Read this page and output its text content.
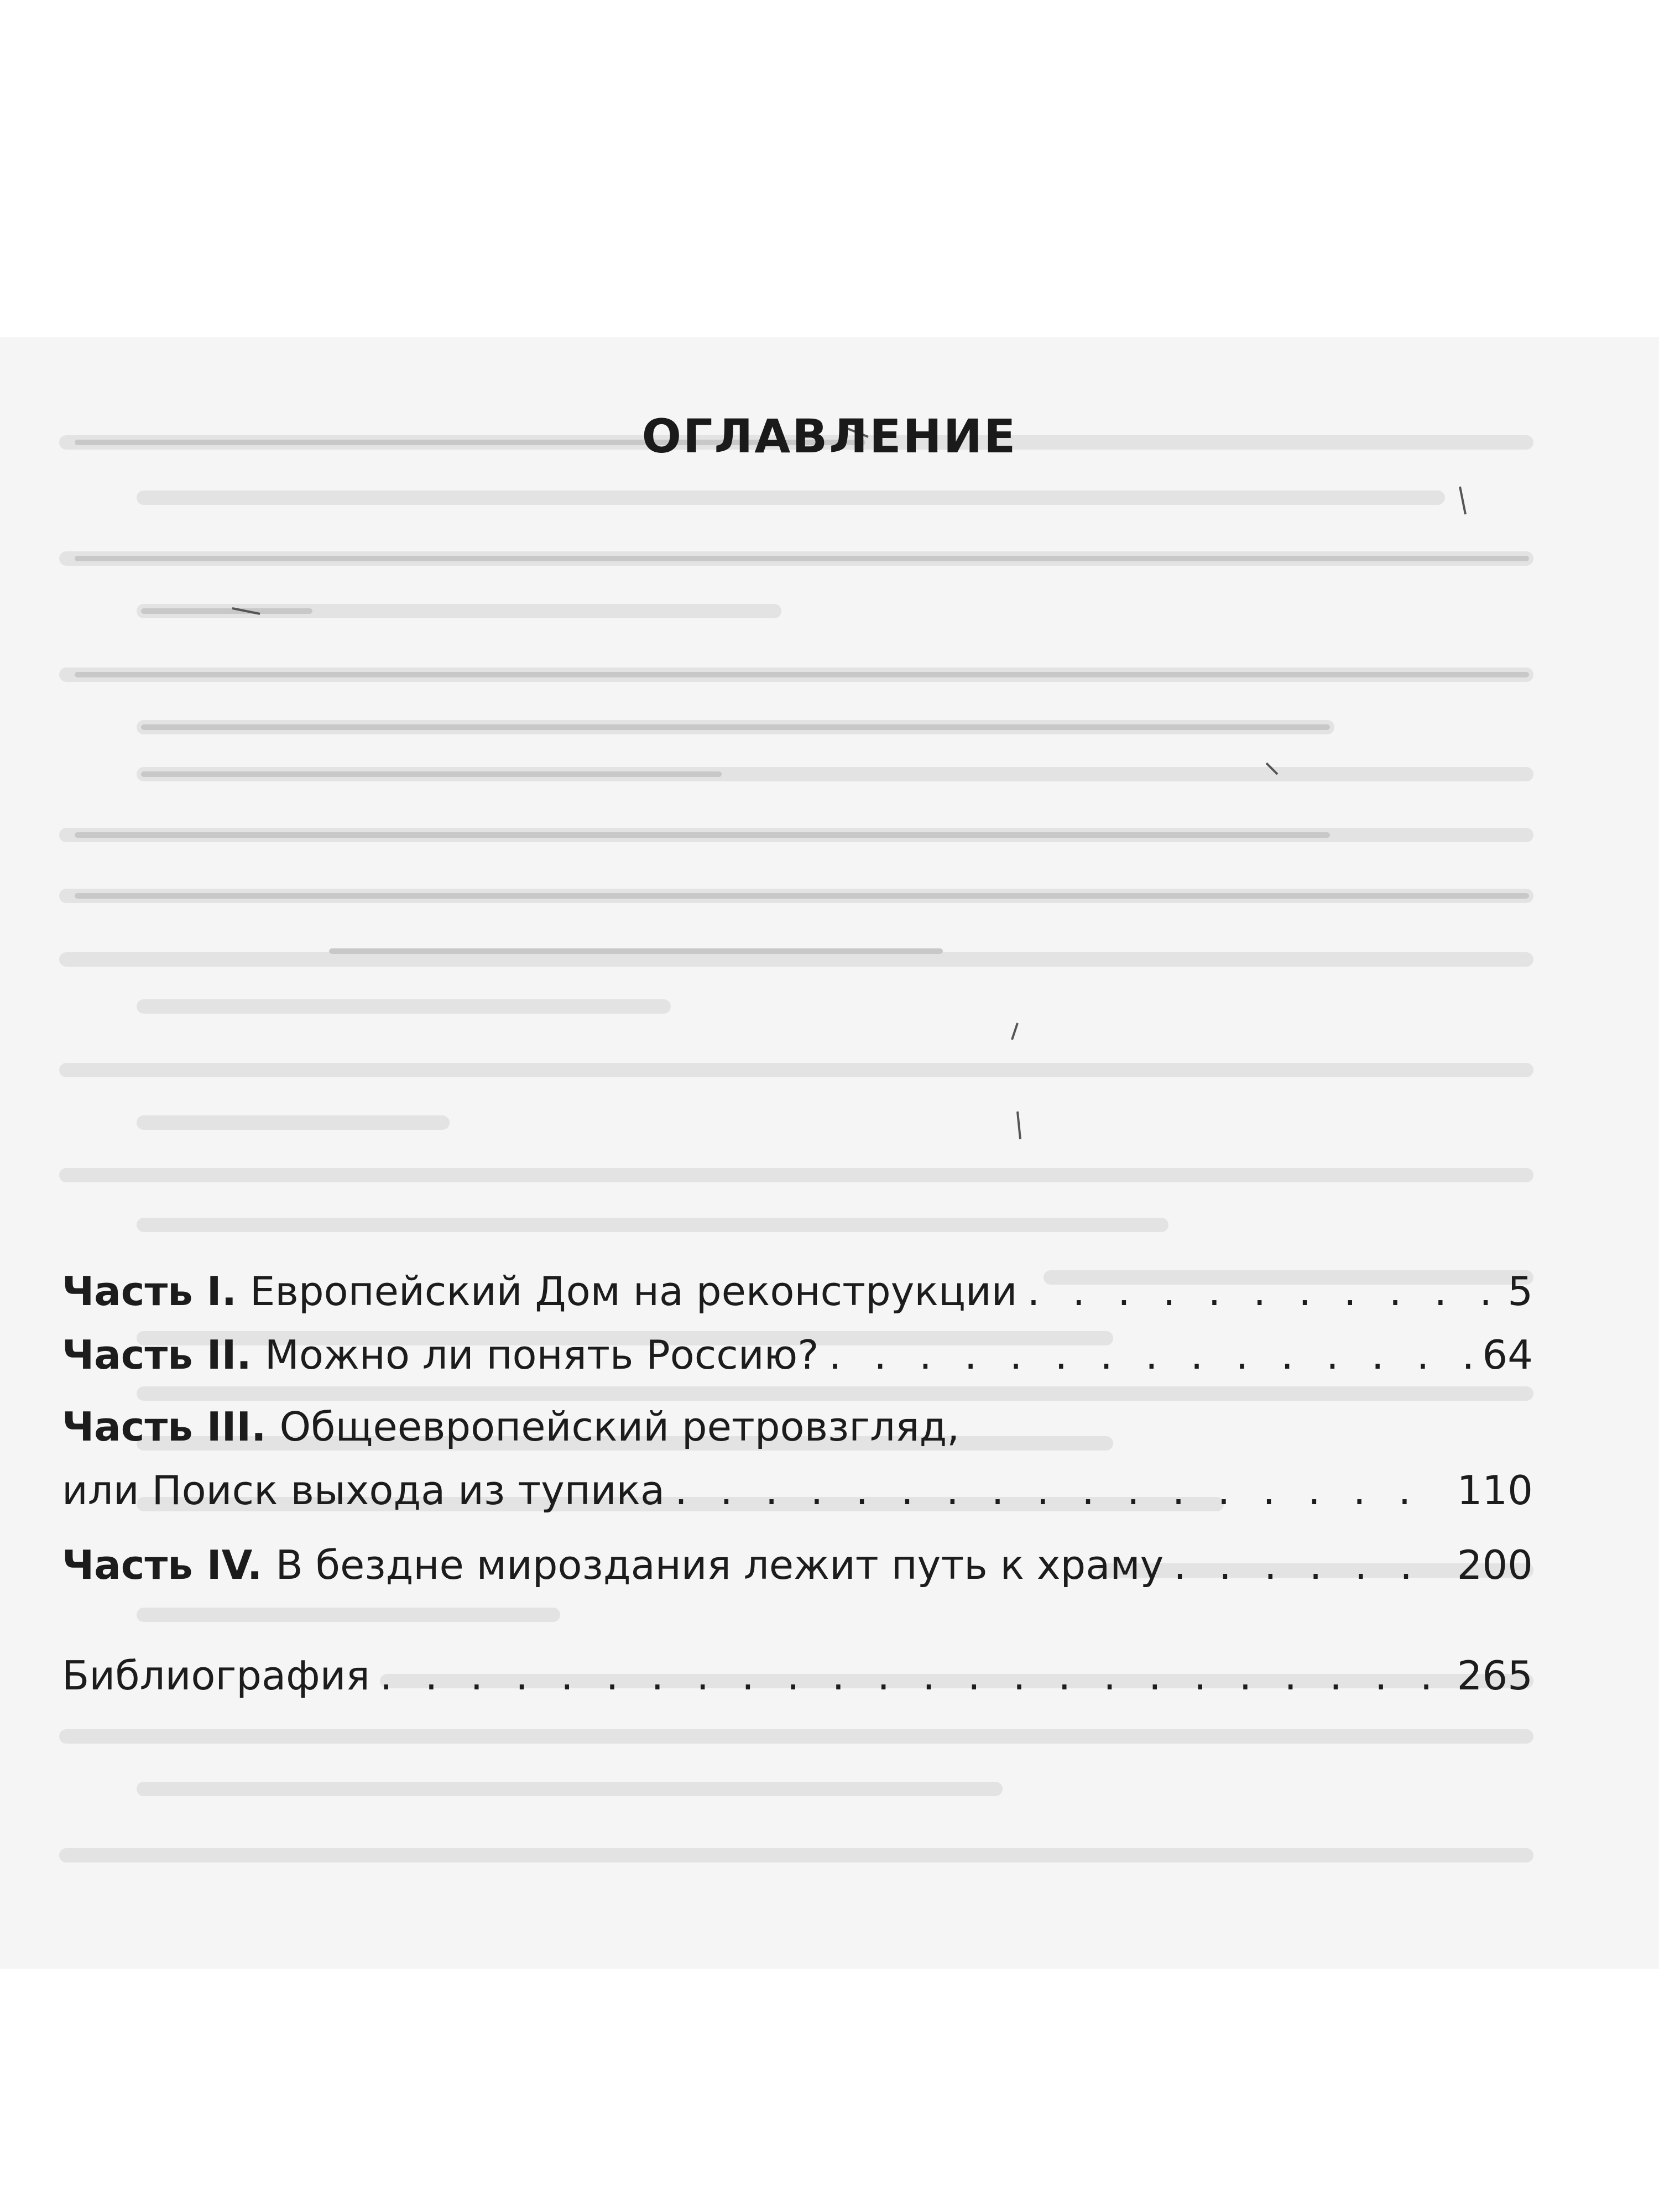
ОГЛАВЛЕНИЕ
Часть I. Европейский Дом на реконструкции . . .	5
Часть II. Можно ли понять Россию? . . .	64
Часть III. Общеевропейский ретровзгляд,
или Поиск выхода из тупика . . .	110
Часть IV. В бездне мироздания лежит путь к храму . . .	200
Библиография . . .	265
